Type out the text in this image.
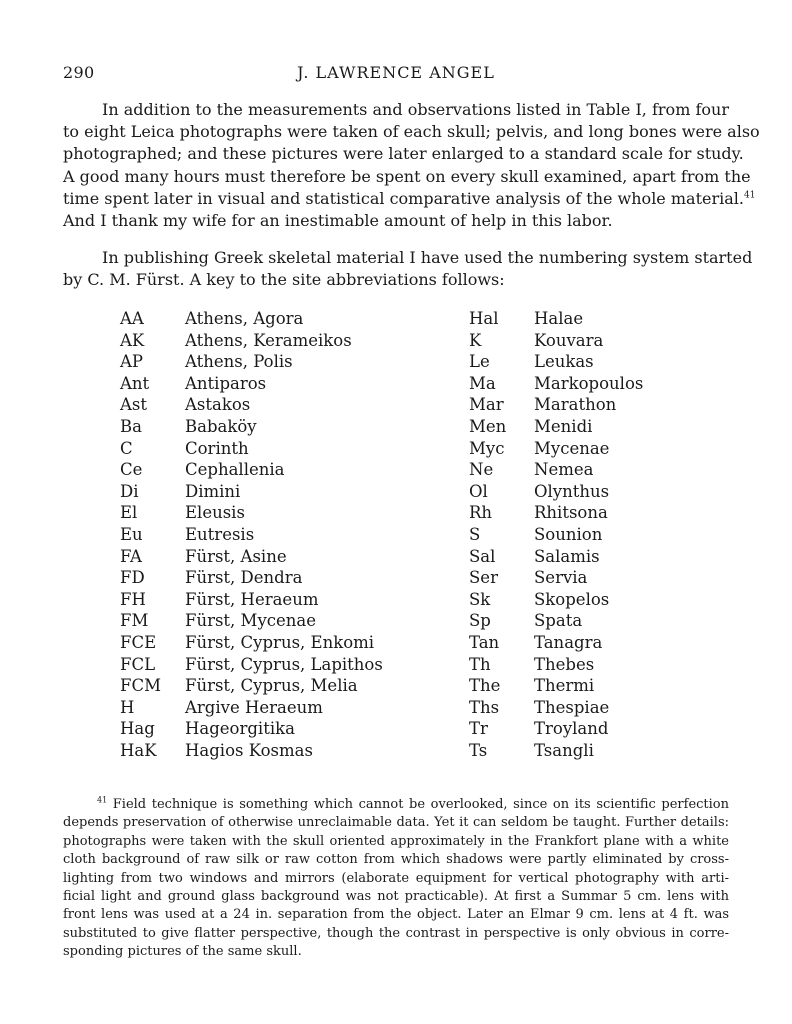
290	J. LAWRENCE ANGEL
In addition to the measurements and observations listed in Table I, from four
to eight Leica photographs were taken of each skull; pelvis, and long bones were also
photographed; and these pictures were later enlarged to a standard scale for study.
A good many hours must therefore be spent on every skull examined, apart from the
time spent later in visual and statistical comparative analysis of the whole material.$^{41}$
And I thank my wife for an inestimable amount of help in this labor.
In publishing Greek skeletal material I have used the numbering system started
by C. M. Fürst. A key to the site abbreviations follows:
AA Athens, Agora
AK Athens, Kerameikos
AP	Athens, Polis
Ant Antiparos
Ast Astakos
Ba	Babaköy
C	Corinth
Ce	Cephallenia
Di	Dimini
El	Eleusis
Eu	Eutresis
FA	Fürst, Asine
FD Fürst, Dendra
FH Fürst, Heraeum
FM Fürst, Mycenae
FCE Fürst, Cyprus, Enkomi
FCL Fürst, Cyprus, Lapithos
FCM Fürst, Cyprus, Melia
H	Argive Heraeum
Hag Hageorgitika
HaK Hagios Kosmas
Hal Halae
K	Kouvara
Le	Leukas
Ma Markopoulos
Mar Marathon
Men Menidi
Myc Mycenae
Ne Nemea
Ol	Olynthus
Rh	Rhitsona
S	Sounion
Sal Salamis
Ser Servia
Sk	Skopelos
Sp	Spata
Tan Tanagra
Th	Thebes
The Thermi
Ths Thespiae
Tr	Troyland
Ts	Tsangli
$^{41}$ Field technique is something which cannot be overlooked, since on its scientific perfection
depends preservation of otherwise unreclaimable data. Yet it can seldom be taught. Further details:
photographs were taken with the skull oriented approximately in the Frankfort plane with a white
cloth background of raw silk or raw cotton from which shadows were partly eliminated by cross-
lighting from two windows and mirrors (elaborate equipment for vertical photography with arti-
ficial light and ground glass background was not practicable). At first a Summar 5 cm. lens with
front lens was used at a 24 in. separation from the object. Later an Elmar 9 cm. lens at 4 ft. was
substituted to give flatter perspective, though the contrast in perspective is only obvious in corre-
sponding pictures of the same skull.
